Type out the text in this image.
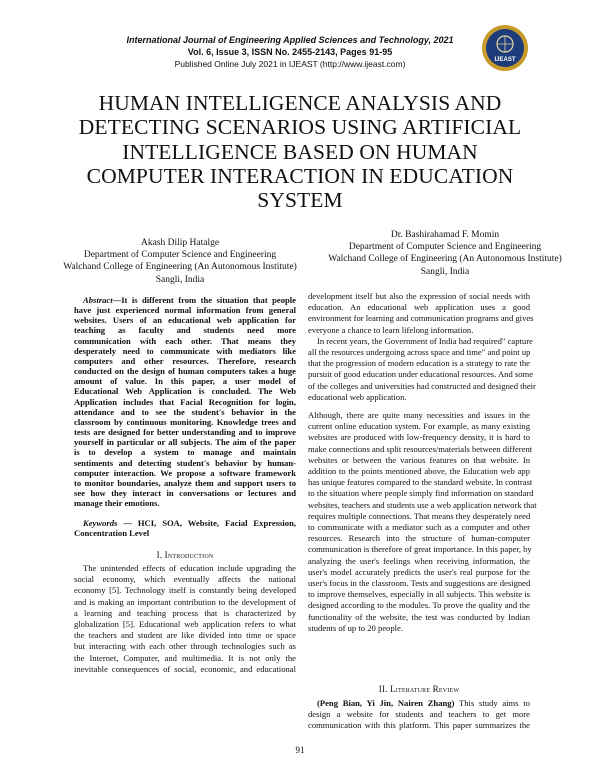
International Journal of Engineering Applied Sciences and Technology, 2021
Vol. 6, Issue 3, ISSN No. 2455-2143, Pages 91-95
Published Online July 2021 in IJEAST (http://www.ijeast.com)	IJEAST
HUMAN INTELLIGENCE ANALYSIS AND
DETECTING SCENARIOS USING ARTIFICIAL
INTELLIGENCE BASED ON HUMAN
COMPUTER INTERACTION IN EDUCATION
SYSTEM
Akash Dilip Hatalge
Department of Computer Science and Engineering
Walchand College of Engineering (An Autonomous Institute)
Sangli, India
Dr. Bashirahamad F. Momin
Department of Computer Science and Engineering
Walchand College of Engineering (An Autonomous Institute)
Sangli, India

Abstract—It is different from the situation that people

have just experienced normal information from general

websites. Users of an educational web application for

teaching as faculty and students need more

communication with each other. That means they

desperately need to communicate with mediators like

computers and other resources. Therefore, research

conducted on the design of human computers takes a huge

amount of value. In this paper, a user model of

Educational Web Application is concluded. The Web

Application includes that Facial Recognition for login,

attendance and to see the student's behavior in the

classroom by continuous monitoring. Knowledge trees and

tests are designed for better understanding and to improve

yourself in particular or all subjects. The aim of the paper

is to develop a system to manage and maintain

sentiments and detecting student's behavior by human-

computer interaction. We propose a software framework

to monitor boundaries, analyze them and support users to

see how they interact in conversations or lectures and

manage their emotions.

Keywords — HCI, SOA, Website, Facial Expression,

Concentration Level

I. Introduction

The unintended effects of education include upgrading the

social economy, which eventually affects the national

economy [5]. Technology itself is constantly being developed

and is making an important contribution to the development of

a learning and teaching process that is characterized by

globalization [5]. Educational web application refers to what

the teachers and student are like divided into time or space

but interacting with each other through technologies such as

the Internet, Computer, and multimedia. It is not only the

inevitable consequences of social, economic, and educational

development itself but also the expression of social needs with

education. An educational web application uses a good

environment for learning and communication programs and gives

everyone a chance to learn lifelong information.

In recent years, the Government of India had required" capture

all the resources undergoing across space and time" and point up

that the progression of modern education is a strategy to rate the

pursuit of good education under educational resources. And some

of the colleges and universities had constructed and designed their

educational web application.

Although, there are quite many necessities and issues in the

current online education system. For example, as many existing

websites are produced with low-frequency density, it is hard to

make connections and split resources/materials between different

websites or between the various features on that website. In

addition to the points mentioned above, the Education web app

has unique features compared to the standard website. In contrast

to the situation where people simply find information on standard

websites, teachers and students use a web application network that

requires multiple connections. That means they desperately need

to communicate with a mediator such as a computer and other

resources. Research into the structure of human-computer

communication is therefore of great importance. In this paper, by

analyzing the user's feelings when receiving information, the

user's model accurately predicts the user's real purpose for the

user's focus in the classroom. Tests and suggestions are designed

to improve themselves, especially in all subjects. This website is

designed according to the modules. To prove the quality and the

functionality of the website, the test was conducted by Indian

students of up to 20 people.

II. Literature Review

(Peng Bian, Yi Jin, Nairen Zhang) This study aims to

design a website for students and teachers to get more

communication with this platform. This paper summarizes the

91
